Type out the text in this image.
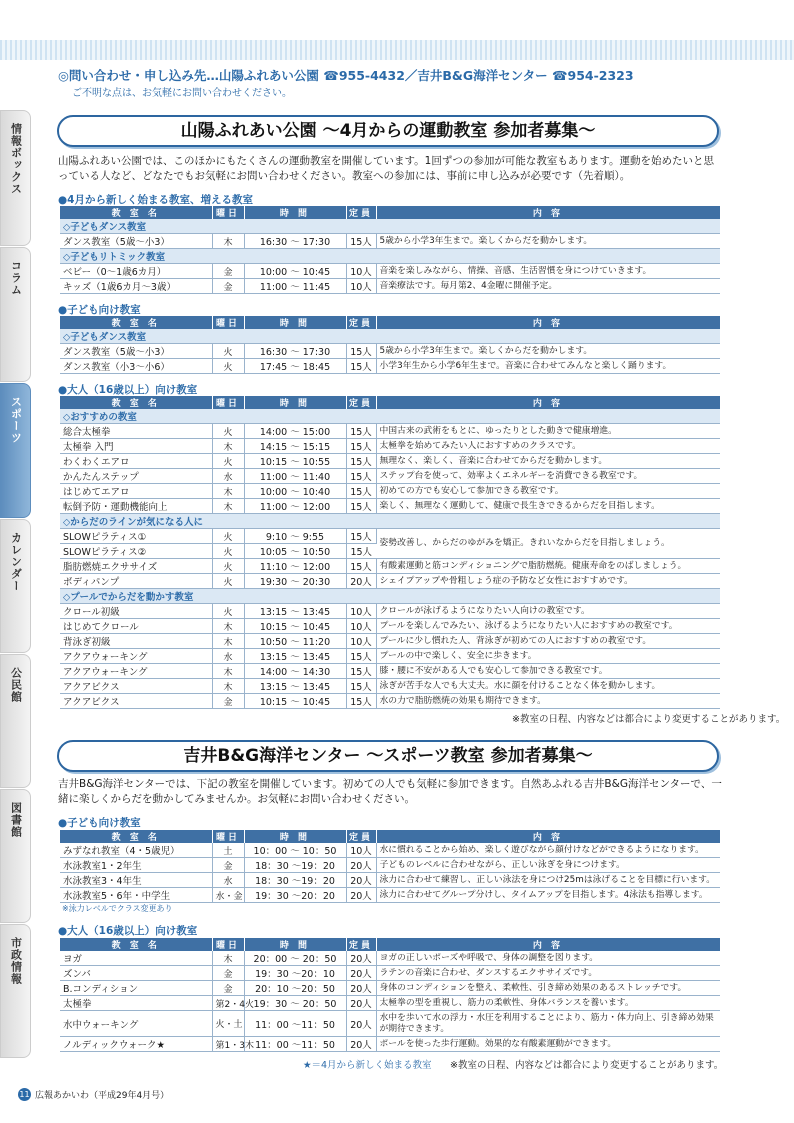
情報ボックス
コラム
スポーツ
カレンダー
公民館
図書館
市政情報
◎問い合わせ・申し込み先…山陽ふれあい公園 ☎955-4432／吉井B&G海洋センター ☎954-2323
ご不明な点は、お気軽にお問い合わせください。
山陽ふれあい公園 ～4月からの運動教室 参加者募集～
山陽ふれあい公園では、このほかにもたくさんの運動教室を開催しています。1回ずつの参加が可能な教室もあります。運動を始めたいと思っている人など、どなたでもお気軽にお問い合わせください。教室への参加には、事前に申し込みが必要です（先着順）。
●4月から新しく始まる教室、増える教室
教 室 名	曜日	時 間	定員	内 容
◇子どもダンス教室				
ダンス教室（5歳～小3）	木	16:30 ～ 17:30	15人	5歳から小学3年生まで。楽しくからだを動かします。
◇子どもリトミック教室				
ベビー（0～1歳6カ月）	金	10:00 ～ 10:45	10人	音楽を楽しみながら、情操、音感、生活習慣を身につけていきます。
キッズ（1歳6カ月～3歳）	金	11:00 ～ 11:45	10人	音楽療法です。毎月第2、4金曜に開催予定。
●子ども向け教室
教 室 名	曜日	時 間	定員	内 容
◇子どもダンス教室				
ダンス教室（5歳～小3）	火	16:30 ～ 17:30	15人	5歳から小学3年生まで。楽しくからだを動かします。
ダンス教室（小3～小6）	火	17:45 ～ 18:45	15人	小学3年生から小学6年生まで。音楽に合わせてみんなと楽しく踊ります。
●大人（16歳以上）向け教室
教 室 名	曜日	時 間	定員	内 容
◇おすすめの教室				
総合太極拳	火	14:00 ～ 15:00	15人	中国古来の武術をもとに、ゆったりとした動きで健康増進。
太極拳 入門	木	14:15 ～ 15:15	15人	太極拳を始めてみたい人におすすめのクラスです。
わくわくエアロ	火	10:15 ～ 10:55	15人	無理なく、楽しく、音楽に合わせてからだを動かします。
かんたんステップ	水	11:00 ～ 11:40	15人	ステップ台を使って、効率よくエネルギーを消費できる教室です。
はじめてエアロ	木	10:00 ～ 10:40	15人	初めての方でも安心して参加できる教室です。
転倒予防・運動機能向上	木	11:00 ～ 12:00	15人	楽しく、無理なく運動して、健康で長生きできるからだを目指します。
◇からだのラインが気になる人に				
SLOWピラティス①	火	9:10 ～ 9:55	15人	姿勢改善し、からだのゆがみを矯正。きれいなからだを目指しましょう。
SLOWピラティス②	火	10:05 ～ 10:50	15人	
脂肪燃焼エクササイズ	火	11:10 ～ 12:00	15人	有酸素運動と筋コンディショニングで脂肪燃焼。健康寿命をのばしましょう。
ボディパンプ	火	19:30 ～ 20:30	20人	シェイプアップや骨粗しょう症の予防など女性におすすめです。
◇プールでからだを動かす教室				
クロール初級	火	13:15 ～ 13:45	10人	クロールが泳げるようになりたい人向けの教室です。
はじめてクロール	木	10:15 ～ 10:45	10人	プールを楽しんでみたい、泳げるようになりたい人におすすめの教室です。
背泳ぎ初級	木	10:50 ～ 11:20	10人	プールに少し慣れた人、背泳ぎが初めての人におすすめの教室です。
アクアウォーキング	水	13:15 ～ 13:45	15人	プールの中で楽しく、安全に歩きます。
アクアウォーキング	木	14:00 ～ 14:30	15人	膝・腰に不安がある人でも安心して参加できる教室です。
アクアビクス	木	13:15 ～ 13:45	15人	泳ぎが苦手な人でも大丈夫。水に顔を付けることなく体を動かします。
アクアビクス	金	10:15 ～ 10:45	15人	水の力で脂肪燃焼の効果も期待できます。
※教室の日程、内容などは都合により変更することがあります。
吉井B&G海洋センター ～スポーツ教室 参加者募集～
吉井B&G海洋センターでは、下記の教室を開催しています。初めての人でも気軽に参加できます。自然あふれる吉井B&G海洋センターで、一緒に楽しくからだを動かしてみませんか。お気軽にお問い合わせください。
●子ども向け教室
教 室 名	曜日	時 間	定員	内 容
みずなれ教室（4・5歳児）	土	10：00 ～ 10：50	10人	水に慣れることから始め、楽しく遊びながら顔付けなどができるようになります。
水泳教室1・2年生	金	18：30 ～19：20	20人	子どものレベルに合わせながら、正しい泳ぎを身につけます。
水泳教室3・4年生	水	18：30 ～19：20	20人	泳力に合わせて練習し、正しい泳法を身につけ25mは泳げることを目標に行います。
水泳教室5・6年・中学生	水・金	19：30 ～20：20	20人	泳力に合わせてグループ分けし、タイムアップを目指します。4泳法も指導します。
※泳力レベルでクラス変更あり
●大人（16歳以上）向け教室
教 室 名	曜日	時 間	定員	内 容
ヨガ	木	20：00 ～ 20：50	20人	ヨガの正しいポーズや呼吸で、身体の調整を図ります。
ズンバ	金	19：30 ～20：10	20人	ラテンの音楽に合わせ、ダンスするエクササイズです。
B.コンディション	金	20：10 ～20：50	20人	身体のコンディションを整え、柔軟性、引き締め効果のあるストレッチです。
太極拳	第2・4火	19：30 ～ 20：50	20人	太極拳の型を重視し、筋力の柔軟性、身体バランスを養います。
水中ウォーキング	火・土	11：00 ～11：50	20人	水中を歩いて水の浮力・水圧を利用することにより、筋力・体力向上、引き締め効果が期待できます。
ノルディックウォーク★	第1・3木	11：00 ～11：50	20人	ポールを使った歩行運動。効果的な有酸素運動ができます。
★＝4月から新しく始まる教室 ※教室の日程、内容などは都合により変更することがあります。
11 広報あかいわ（平成29年4月号）
